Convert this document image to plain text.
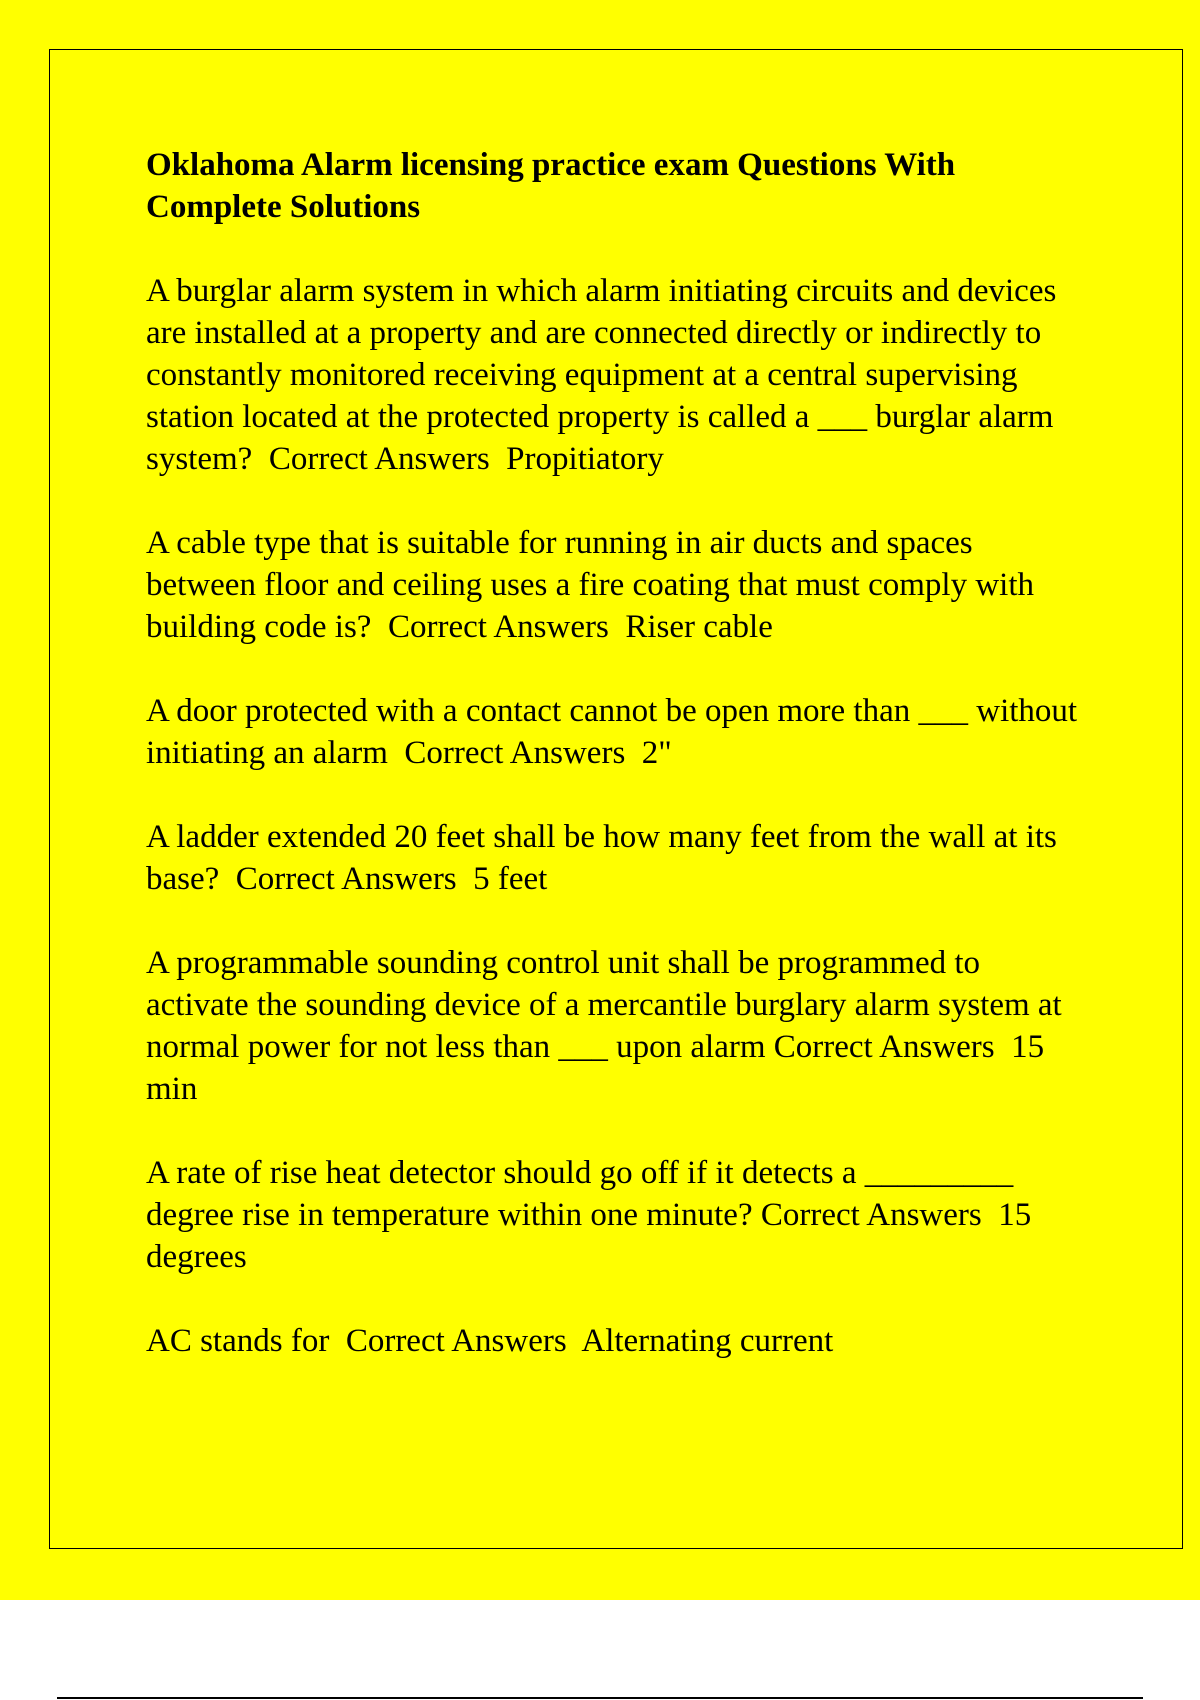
Oklahoma Alarm licensing practice exam Questions With Complete Solutions

A burglar alarm system in which alarm initiating circuits and devices are installed at a property and are connected directly or indirectly to constantly monitored receiving equipment at a central supervising station located at the protected property is called a ___ burglar alarm system?  Correct Answers  Propitiatory

A cable type that is suitable for running in air ducts and spaces between floor and ceiling uses a fire coating that must comply with building code is?  Correct Answers  Riser cable

A door protected with a contact cannot be open more than ___ without initiating an alarm  Correct Answers  2"

A ladder extended 20 feet shall be how many feet from the wall at its base?  Correct Answers  5 feet

A programmable sounding control unit shall be programmed to activate the sounding device of a mercantile burglary alarm system at normal power for not less than ___ upon alarm Correct Answers  15 min

A rate of rise heat detector should go off if it detects a _________ degree rise in temperature within one minute? Correct Answers  15 degrees

AC stands for  Correct Answers  Alternating current
